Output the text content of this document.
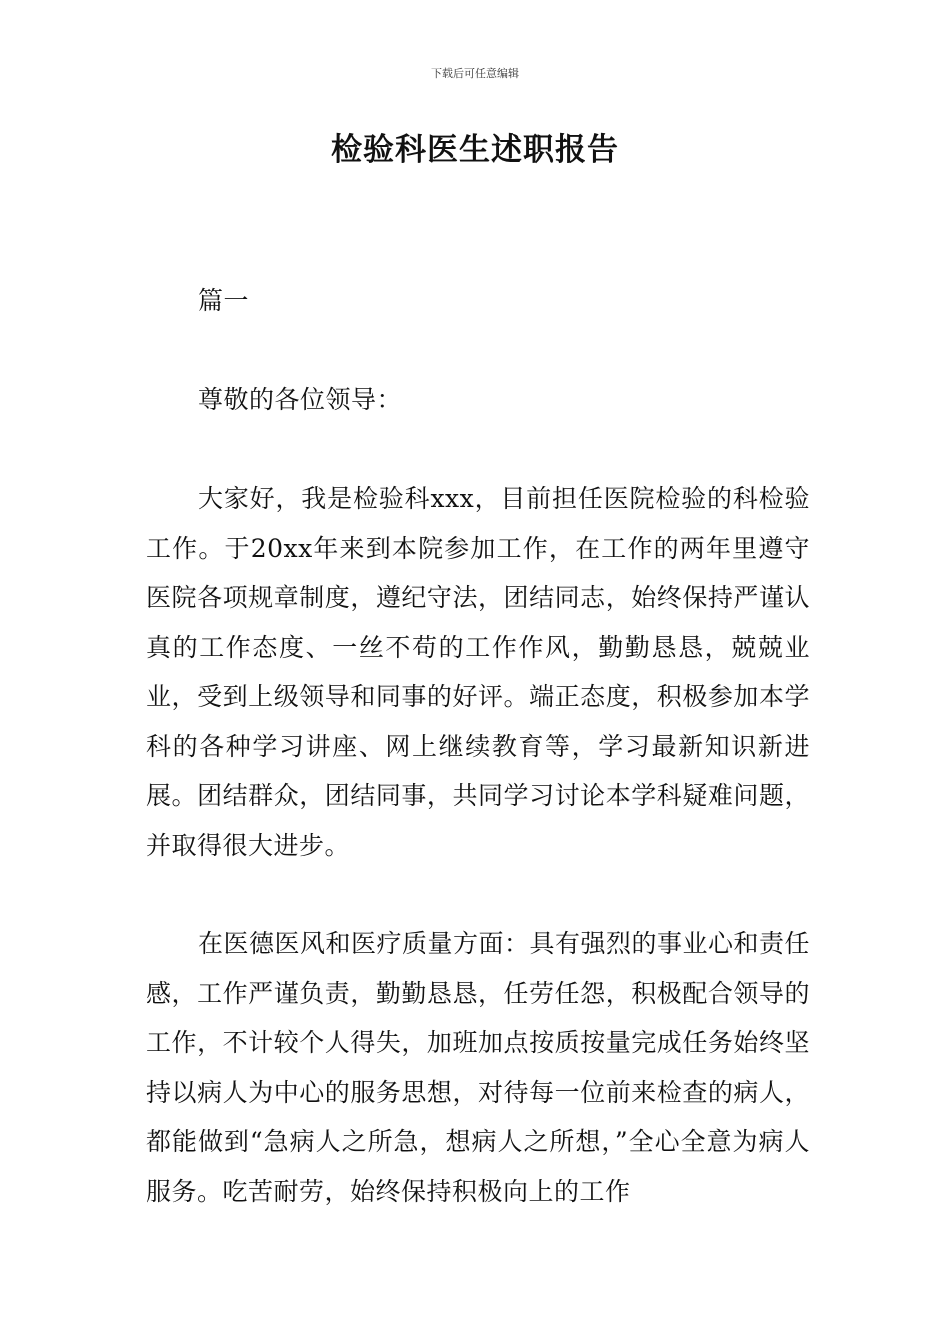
下载后可任意编辑
检验科医生述职报告
篇一
尊敬的各位领导：
大家好，我是检验科xxx，目前担任医院检验的科检验工作。于20xx年来到本院参加工作，在工作的两年里遵守医院各项规章制度，遵纪守法，团结同志，始终保持严谨认真的工作态度、一丝不苟的工作作风，勤勤恳恳，兢兢业业，受到上级领导和同事的好评。端正态度，积极参加本学科的各种学习讲座、网上继续教育等，学习最新知识新进展。团结群众，团结同事，共同学习讨论本学科疑难问题，并取得很大进步。
在医德医风和医疗质量方面：具有强烈的事业心和责任感，工作严谨负责，勤勤恳恳，任劳任怨，积极配合领导的工作，不计较个人得失，加班加点按质按量完成任务始终坚持以病人为中心的服务思想，对待每一位前来检查的病人，都能做到“急病人之所急，想病人之所想，”全心全意为病人服务。吃苦耐劳，始终保持积极向上的工作
